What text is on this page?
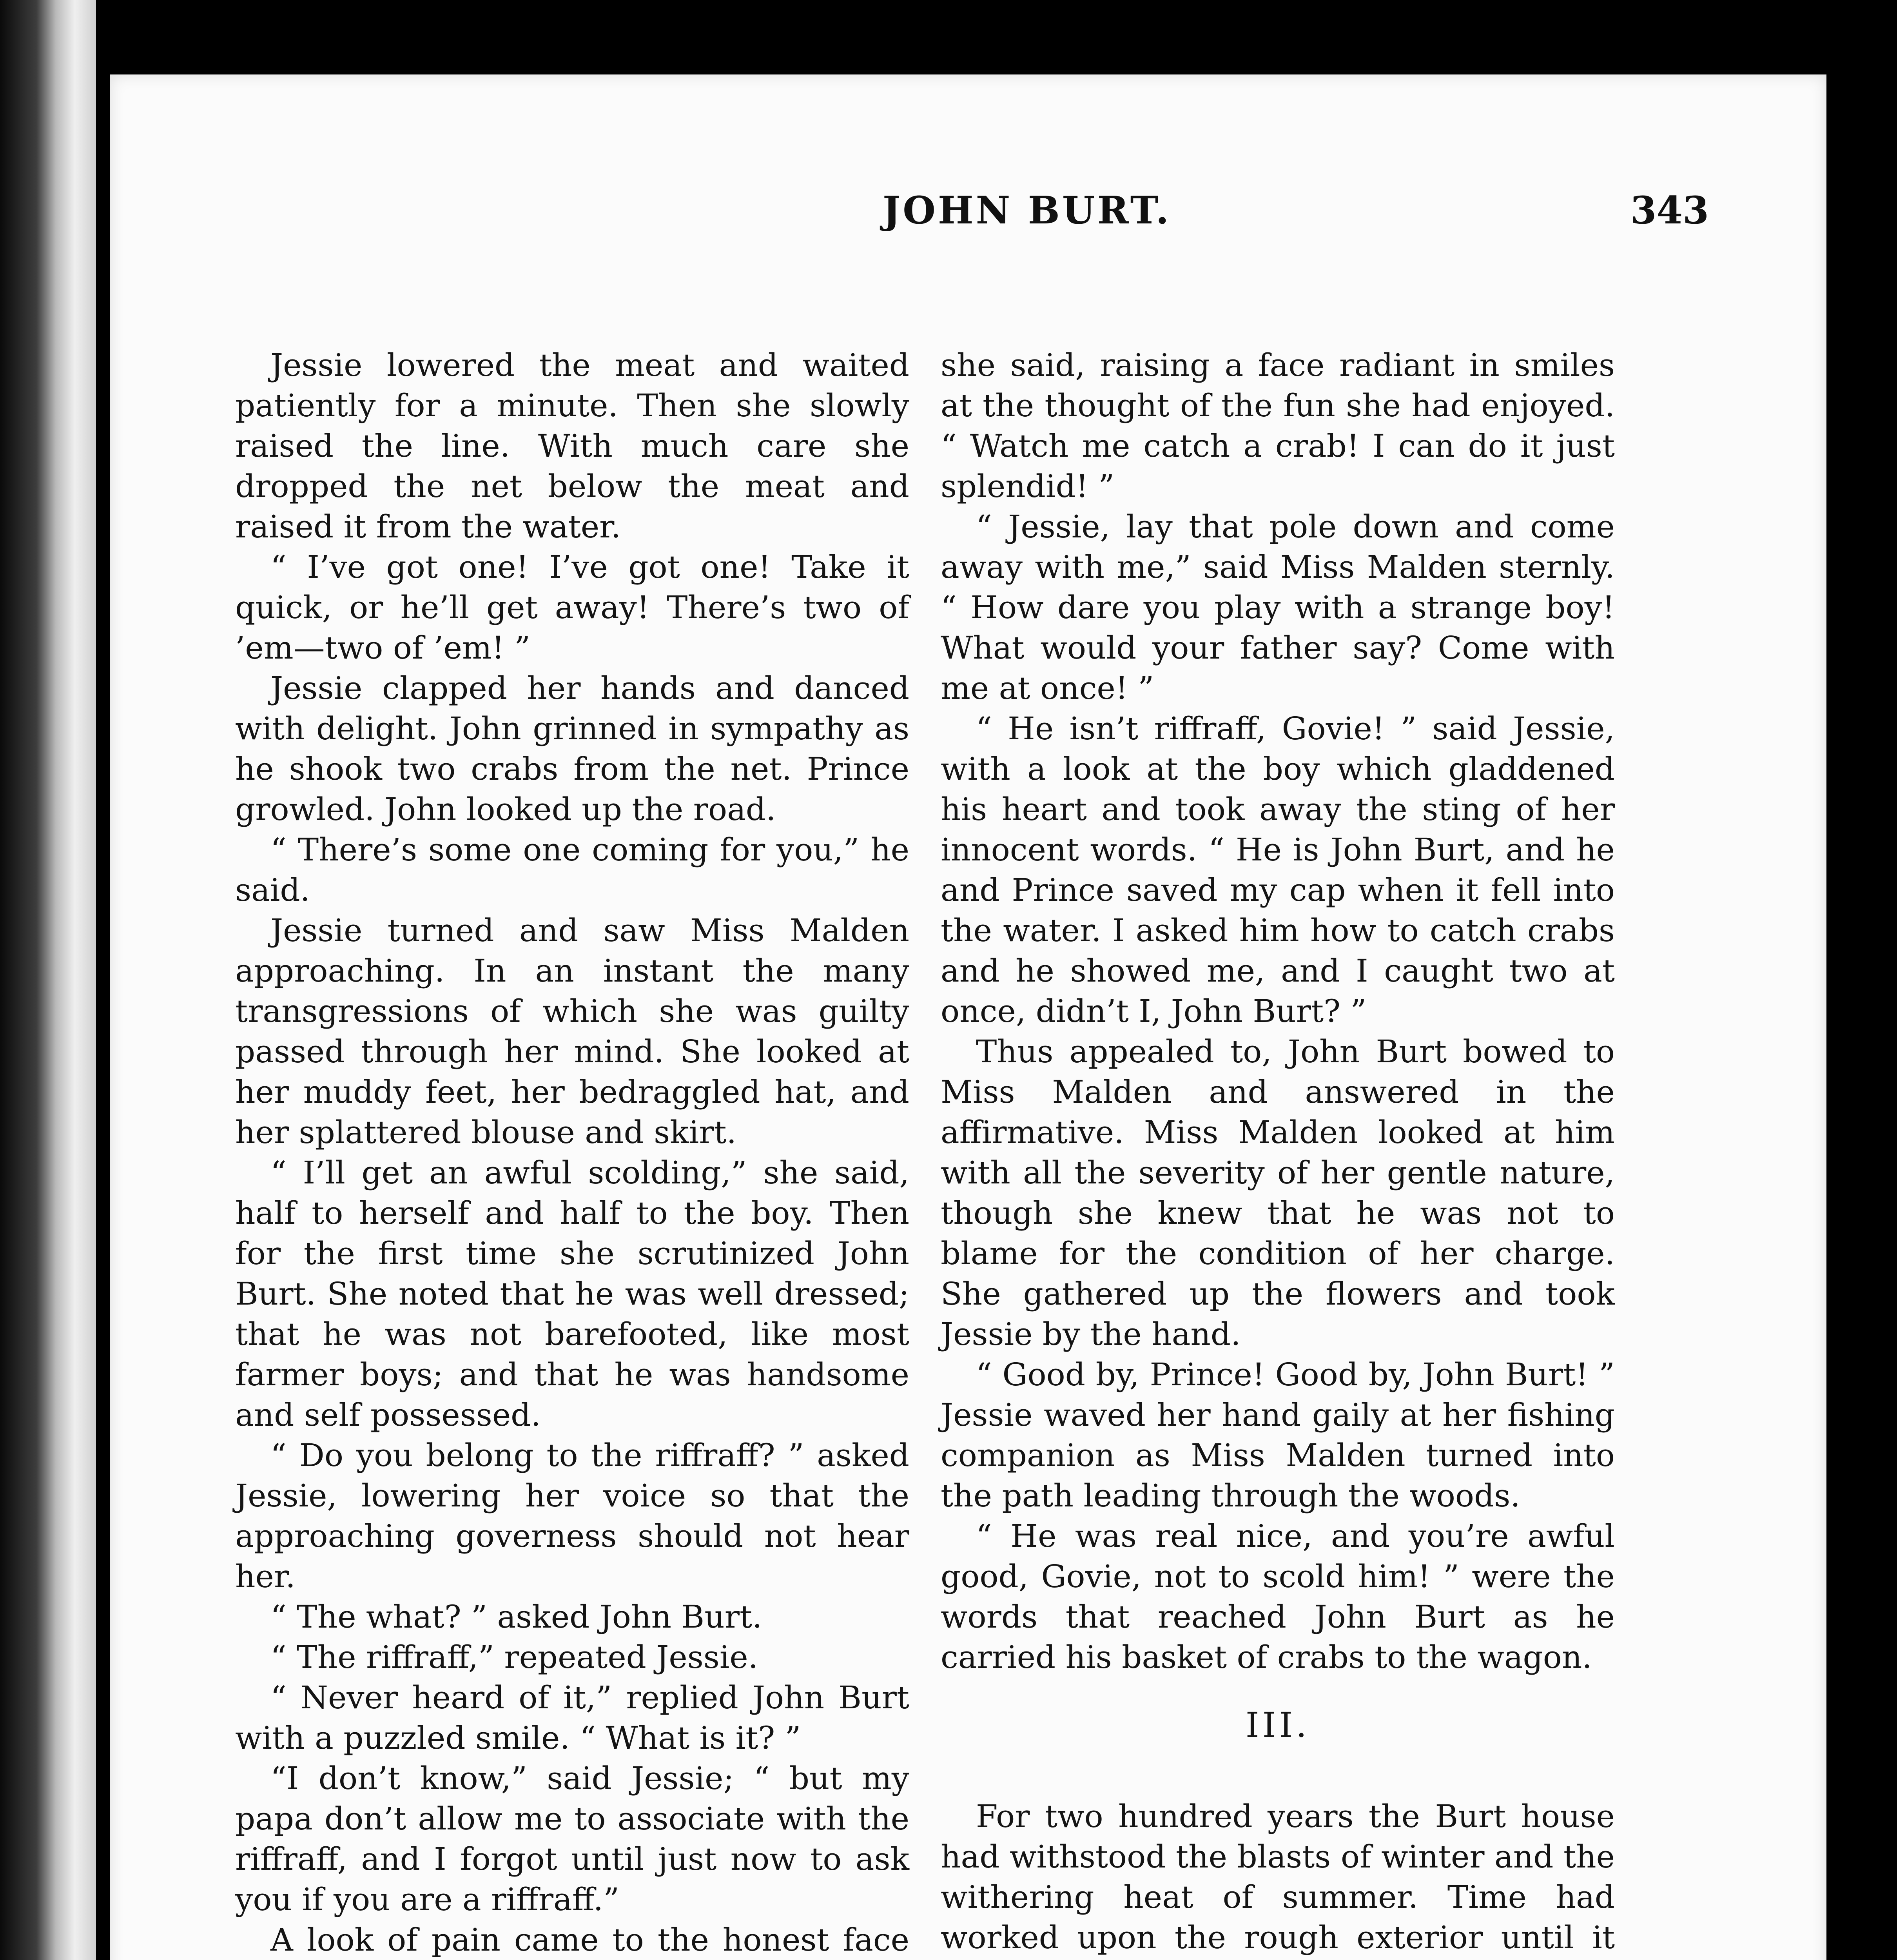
JOHN BURT.	343

Jessie lowered the meat and waited patiently for a minute. Then she slowly raised the line. With much care she dropped the net below the meat and raised it from the water.

“ I’ve got one! I’ve got one! Take it quick, or he’ll get away! There’s two of ’em—two of ’em! ”

Jessie clapped her hands and danced with delight. John grinned in sympathy as he shook two crabs from the net. Prince growled. John looked up the road.

“ There’s some one coming for you,” he said.

Jessie turned and saw Miss Malden approaching. In an instant the many transgressions of which she was guilty passed through her mind. She looked at her muddy feet, her bedraggled hat, and her splattered blouse and skirt.

“ I’ll get an awful scolding,” she said, half to herself and half to the boy. Then for the first time she scrutinized John Burt. She noted that he was well dressed; that he was not barefooted, like most farmer boys; and that he was handsome and self possessed.

“ Do you belong to the riffraff? ” asked Jessie, lowering her voice so that the approaching governess should not hear her.

“ The what? ” asked John Burt.

“ The riffraff,” repeated Jessie.

“ Never heard of it,” replied John Burt with a puzzled smile. “ What is it? ”

“I don’t know,” said Jessie; “ but my papa don’t allow me to associate with the riffraff, and I forgot until just now to ask you if you are a riffraff.”

A look of pain came to the honest face

she said, raising a face radiant in smiles at the thought of the fun she had enjoyed. “ Watch me catch a crab! I can do it just splendid! ”

“ Jessie, lay that pole down and come away with me,” said Miss Malden sternly. “ How dare you play with a strange boy! What would your father say? Come with me at once! ”

“ He isn’t riffraff, Govie! ” said Jessie, with a look at the boy which gladdened his heart and took away the sting of her innocent words. “ He is John Burt, and he and Prince saved my cap when it fell into the water. I asked him how to catch crabs and he showed me, and I caught two at once, didn’t I, John Burt? ”

Thus appealed to, John Burt bowed to Miss Malden and answered in the affirmative. Miss Malden looked at him with all the severity of her gentle nature, though she knew that he was not to blame for the condition of her charge. She gathered up the flowers and took Jessie by the hand.

“ Good by, Prince! Good by, John Burt! ” Jessie waved her hand gaily at her fishing companion as Miss Malden turned into the path leading through the woods.

“ He was real nice, and you’re awful good, Govie, not to scold him! ” were the words that reached John Burt as he carried his basket of crabs to the wagon.

III.

For two hundred years the Burt house had withstood the blasts of winter and the withering heat of summer. Time had worked upon the rough exterior until it
